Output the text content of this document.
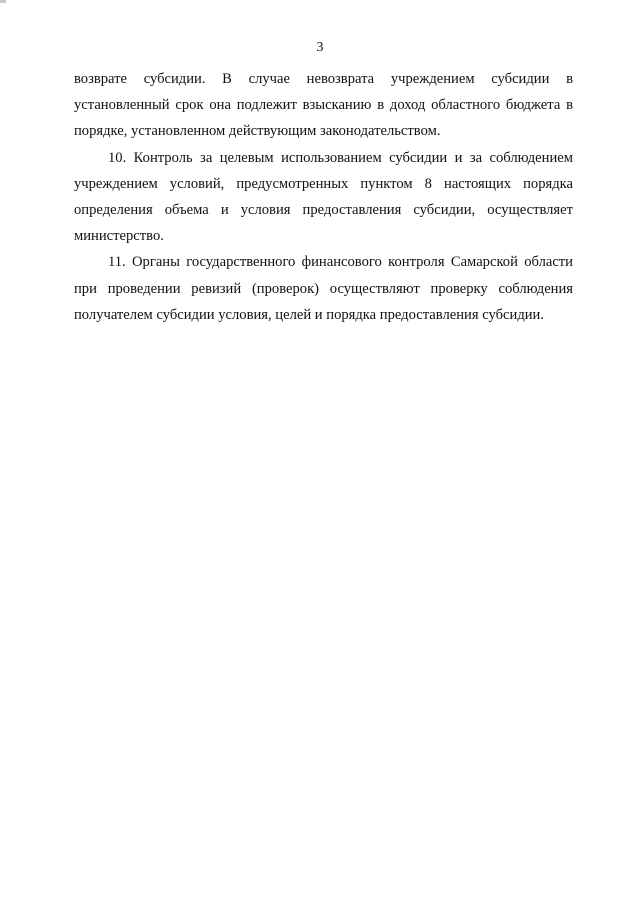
3

возврате субсидии. В случае невозврата учреждением субсидии в установленный срок она подлежит взысканию в доход областного бюджета в порядке, установленном действующим законодательством.

10. Контроль за целевым использованием субсидии и за соблюдением учреждением условий, предусмотренных пунктом 8 настоящих порядка определения объема и условия предоставления субсидии, осуществляет министерство.

11. Органы государственного финансового контроля Самарской области при проведении ревизий (проверок) осуществляют проверку соблюдения получателем субсидии условия, целей и порядка предоставления субсидии.
